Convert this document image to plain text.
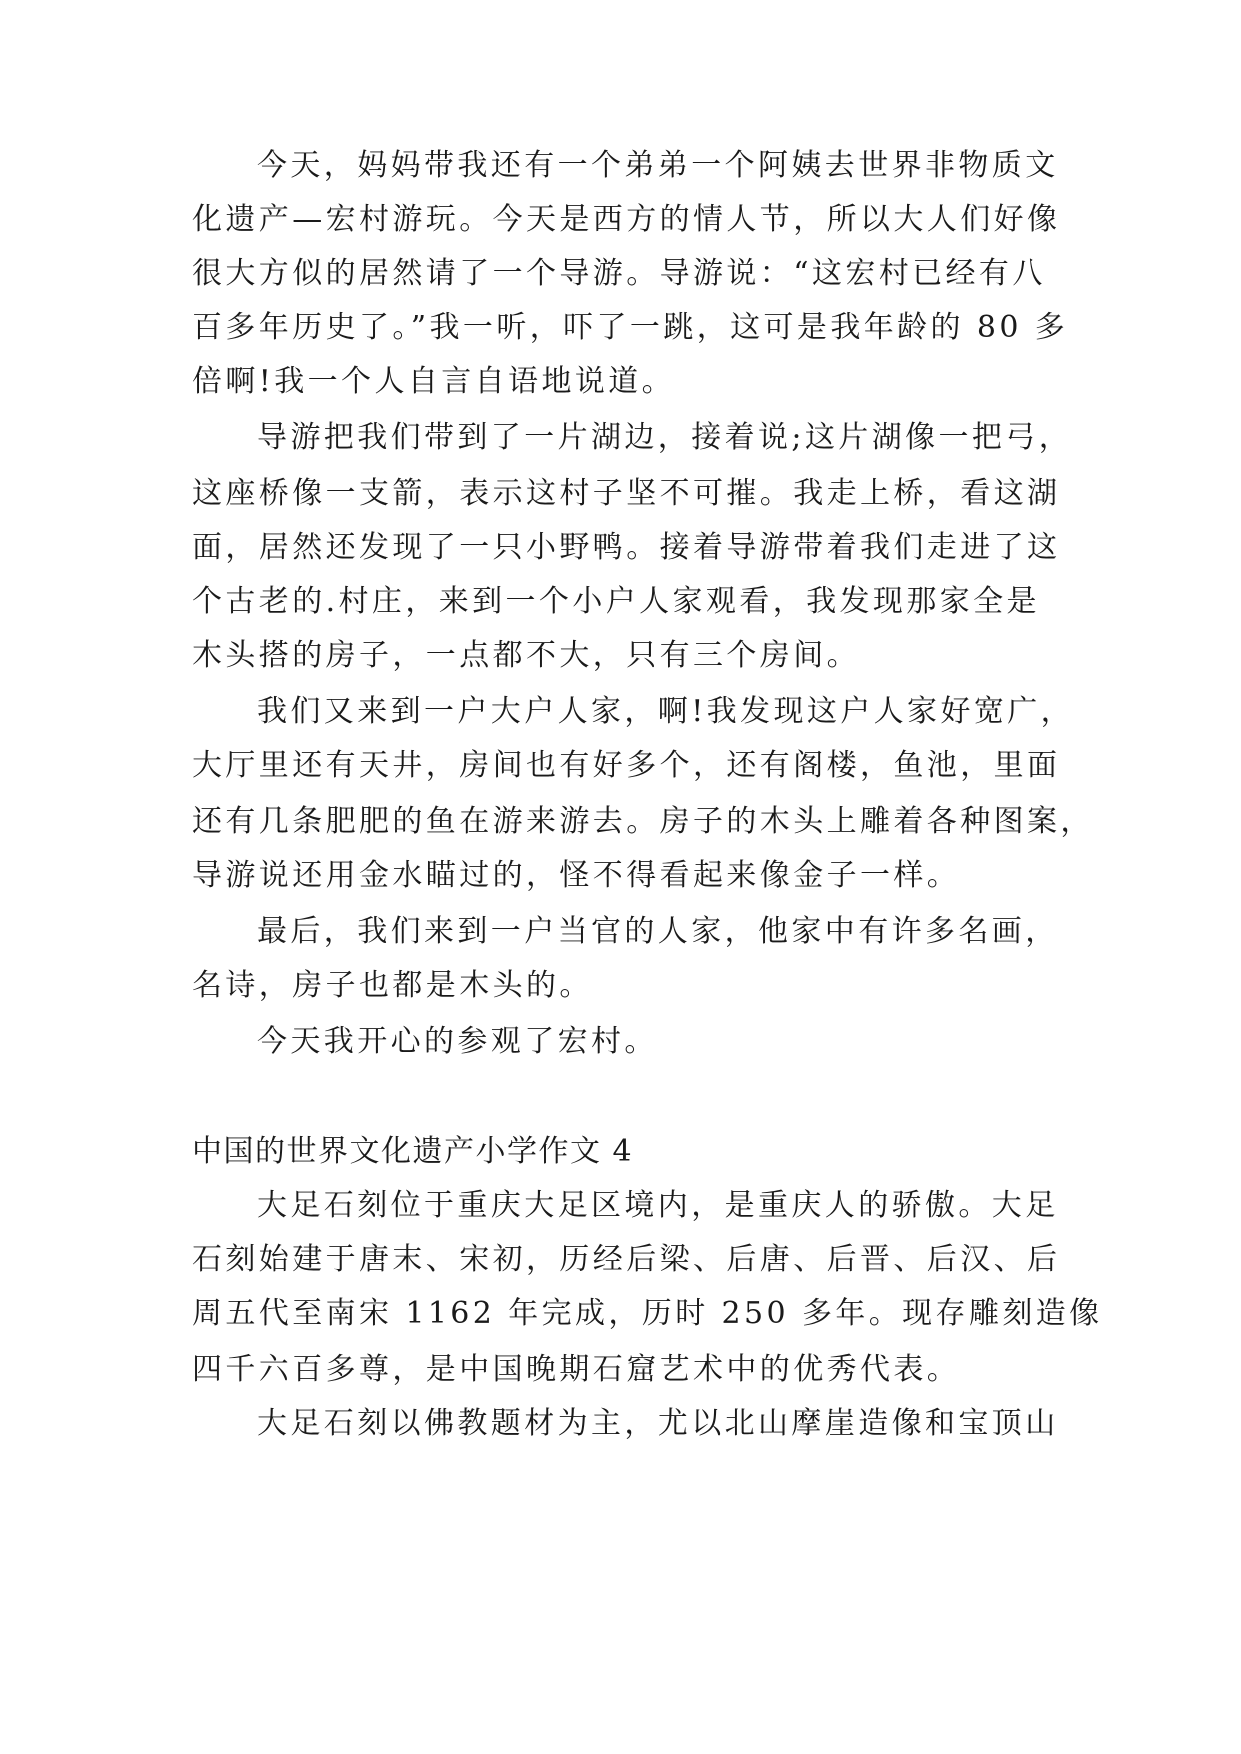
今天，妈妈带我还有一个弟弟一个阿姨去世界非物质文
化遗产—宏村游玩。今天是西方的情人节，所以大人们好像
很大方似的居然请了一个导游。导游说：“这宏村已经有八
百多年历史了。”我一听，吓了一跳，这可是我年龄的 80 多
倍啊!我一个人自言自语地说道。
导游把我们带到了一片湖边，接着说;这片湖像一把弓，
这座桥像一支箭，表示这村子坚不可摧。我走上桥，看这湖
面，居然还发现了一只小野鸭。接着导游带着我们走进了这
个古老的.村庄，来到一个小户人家观看，我发现那家全是
木头搭的房子，一点都不大，只有三个房间。
我们又来到一户大户人家，啊!我发现这户人家好宽广，
大厅里还有天井，房间也有好多个，还有阁楼，鱼池，里面
还有几条肥肥的鱼在游来游去。房子的木头上雕着各种图案，
导游说还用金水瞄过的，怪不得看起来像金子一样。
最后，我们来到一户当官的人家，他家中有许多名画，
名诗，房子也都是木头的。
今天我开心的参观了宏村。
中国的世界文化遗产小学作文 4
大足石刻位于重庆大足区境内，是重庆人的骄傲。大足
石刻始建于唐末、宋初，历经后梁、后唐、后晋、后汉、后
周五代至南宋 1162 年完成，历时 250 多年。现存雕刻造像
四千六百多尊，是中国晚期石窟艺术中的优秀代表。
大足石刻以佛教题材为主，尤以北山摩崖造像和宝顶山
